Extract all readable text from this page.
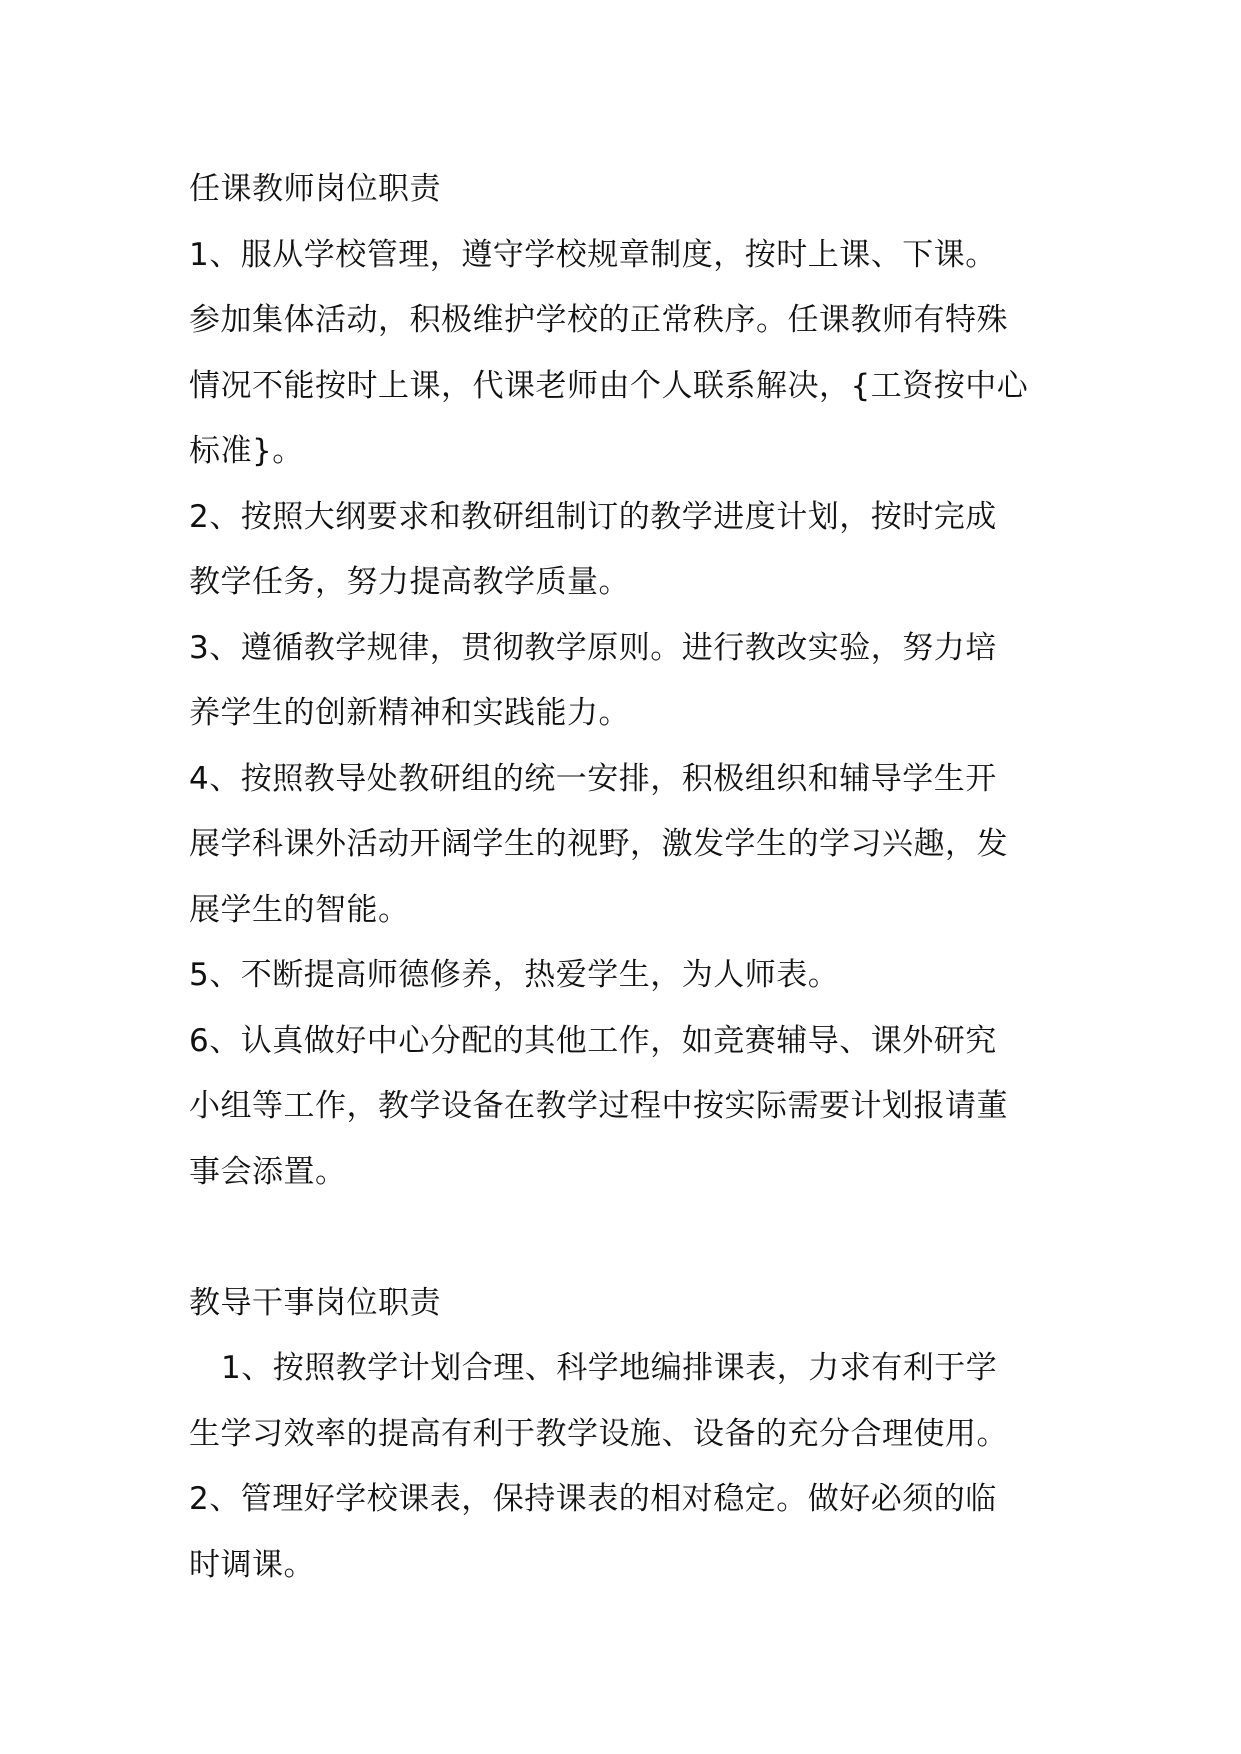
任课教师岗位职责
1、服从学校管理，遵守学校规章制度，按时上课、下课。
参加集体活动，积极维护学校的正常秩序。任课教师有特殊
情况不能按时上课，代课老师由个人联系解决，{工资按中心
标准}。
2、按照大纲要求和教研组制订的教学进度计划，按时完成
教学任务，努力提高教学质量。
3、遵循教学规律，贯彻教学原则。进行教改实验，努力培
养学生的创新精神和实践能力。
4、按照教导处教研组的统一安排，积极组织和辅导学生开
展学科课外活动开阔学生的视野，激发学生的学习兴趣，发
展学生的智能。
5、不断提高师德修养，热爱学生，为人师表。
6、认真做好中心分配的其他工作，如竞赛辅导、课外研究
小组等工作，教学设备在教学过程中按实际需要计划报请董
事会添置。
教导干事岗位职责
1、按照教学计划合理、科学地编排课表，力求有利于学
生学习效率的提高有利于教学设施、设备的充分合理使用。
2、管理好学校课表，保持课表的相对稳定。做好必须的临
时调课。
